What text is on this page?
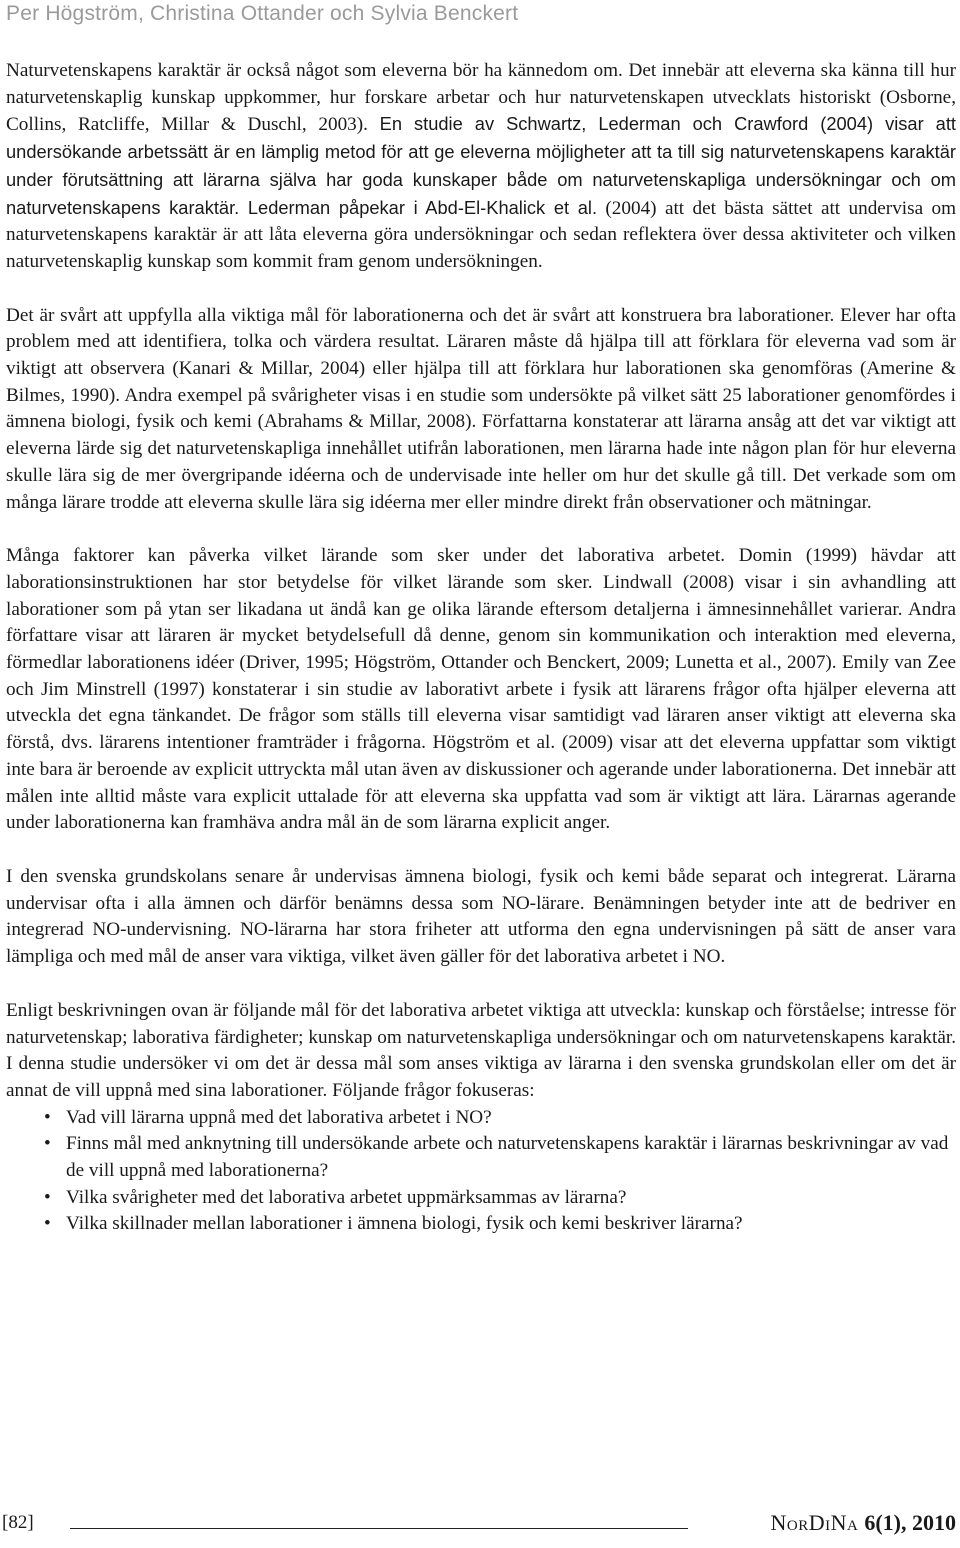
Per Högström, Christina Ottander och Sylvia Benckert

Naturvetenskapens karaktär är också något som eleverna bör ha kännedom om. Det innebär att eleverna ska känna till hur naturvetenskaplig kunskap uppkommer, hur forskare arbetar och hur naturvetenskapen utvecklats historiskt (Osborne, Collins, Ratcliffe, Millar & Duschl, 2003). En studie av Schwartz, Lederman och Crawford (2004) visar att undersökande arbetssätt är en lämplig metod för att ge eleverna möjligheter att ta till sig naturvetenskapens karaktär under förutsättning att lärarna själva har goda kunskaper både om naturvetenskapliga undersökningar och om naturvetenskapens karaktär. Lederman påpekar i Abd-El-Khalick et al. (2004) att det bästa sättet att undervisa om naturvetenskapens karaktär är att låta eleverna göra undersökningar och sedan reflektera över dessa aktiviteter och vilken naturvetenskaplig kunskap som kommit fram genom undersökningen.

Det är svårt att uppfylla alla viktiga mål för laborationerna och det är svårt att konstruera bra laborationer. Elever har ofta problem med att identifiera, tolka och värdera resultat. Läraren måste då hjälpa till att förklara för eleverna vad som är viktigt att observera (Kanari & Millar, 2004) eller hjälpa till att förklara hur laborationen ska genomföras (Amerine & Bilmes, 1990). Andra exempel på svårigheter visas i en studie som undersökte på vilket sätt 25 laborationer genomfördes i ämnena biologi, fysik och kemi (Abrahams & Millar, 2008). Författarna konstaterar att lärarna ansåg att det var viktigt att eleverna lärde sig det naturvetenskapliga innehållet utifrån laborationen, men lärarna hade inte någon plan för hur eleverna skulle lära sig de mer övergripande idéerna och de undervisade inte heller om hur det skulle gå till. Det verkade som om många lärare trodde att eleverna skulle lära sig idéerna mer eller mindre direkt från observationer och mätningar.

Många faktorer kan påverka vilket lärande som sker under det laborativa arbetet. Domin (1999) hävdar att laborationsinstruktionen har stor betydelse för vilket lärande som sker. Lindwall (2008) visar i sin avhandling att laborationer som på ytan ser likadana ut ändå kan ge olika lärande eftersom detaljerna i ämnesinnehållet varierar. Andra författare visar att läraren är mycket betydelsefull då denne, genom sin kommunikation och interaktion med eleverna, förmedlar laborationens idéer (Driver, 1995; Högström, Ottander och Benckert, 2009; Lunetta et al., 2007). Emily van Zee och Jim Minstrell (1997) konstaterar i sin studie av laborativt arbete i fysik att lärarens frågor ofta hjälper eleverna att utveckla det egna tänkandet. De frågor som ställs till eleverna visar samtidigt vad läraren anser viktigt att eleverna ska förstå, dvs. lärarens intentioner framträder i frågorna. Högström et al. (2009) visar att det eleverna uppfattar som viktigt inte bara är beroende av explicit uttryckta mål utan även av diskussioner och agerande under laborationerna. Det innebär att målen inte alltid måste vara explicit uttalade för att eleverna ska uppfatta vad som är viktigt att lära. Lärarnas agerande under laborationerna kan framhäva andra mål än de som lärarna explicit anger.

I den svenska grundskolans senare år undervisas ämnena biologi, fysik och kemi både separat och integrerat. Lärarna undervisar ofta i alla ämnen och därför benämns dessa som NO-lärare. Benämningen betyder inte att de bedriver en integrerad NO-undervisning. NO-lärarna har stora friheter att utforma den egna undervisningen på sätt de anser vara lämpliga och med mål de anser vara viktiga, vilket även gäller för det laborativa arbetet i NO.

Enligt beskrivningen ovan är följande mål för det laborativa arbetet viktiga att utveckla: kunskap och förståelse; intresse för naturvetenskap; laborativa färdigheter; kunskap om naturvetenskapliga undersökningar och om naturvetenskapens karaktär. I denna studie undersöker vi om det är dessa mål som anses viktiga av lärarna i den svenska grundskolan eller om det är annat de vill uppnå med sina laborationer. Följande frågor fokuseras:

• Vad vill lärarna uppnå med det laborativa arbetet i NO?
• Finns mål med anknytning till undersökande arbete och naturvetenskapens karaktär i lärarnas beskrivningar av vad de vill uppnå med laborationerna?
• Vilka svårigheter med det laborativa arbetet uppmärksammas av lärarna?
• Vilka skillnader mellan laborationer i ämnena biologi, fysik och kemi beskriver lärarna?
[82]	NorDiNa 6(1), 2010
